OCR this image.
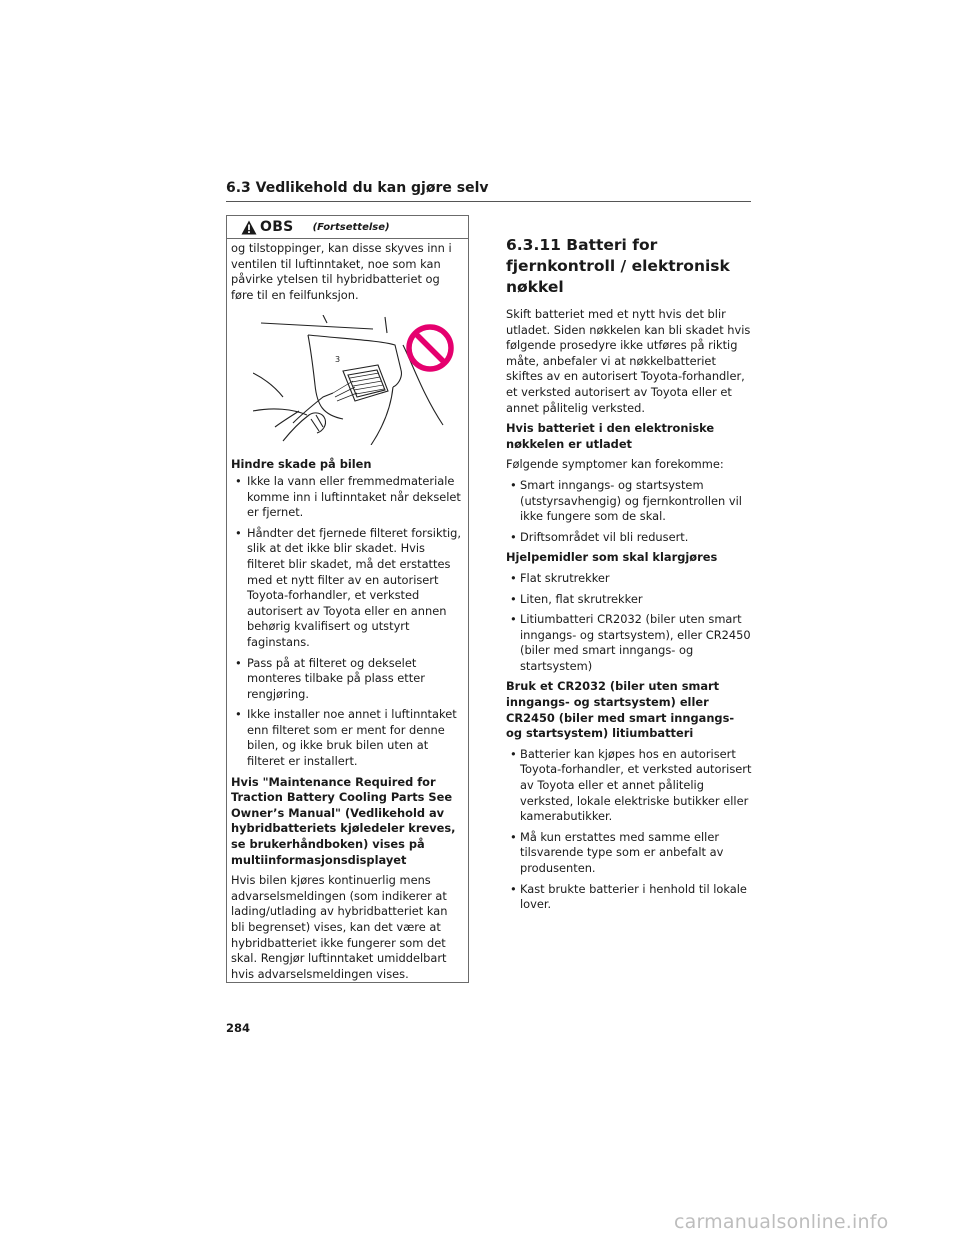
6.3 Vedlikehold du kan gjøre selv
OBS (Fortsettelse)

og tilstoppinger, kan disse skyves inn i ventilen til luftinntaket, noe som kan påvirke ytelsen til hybridbatteriet og føre til en feilfunksjon.

3

Hindre skade på bilen

• Ikke la vann eller fremmedmateriale komme inn i luftinntaket når dekselet er fjernet.
• Håndter det fjernede filteret forsiktig, slik at det ikke blir skadet. Hvis filteret blir skadet, må det erstattes med et nytt filter av en autorisert Toyota-forhandler, et verksted autorisert av Toyota eller en annen behørig kvalifisert og utstyrt faginstans.
• Pass på at filteret og dekselet monteres tilbake på plass etter rengjøring.
• Ikke installer noe annet i luftinntaket enn filteret som er ment for denne bilen, og ikke bruk bilen uten at filteret er installert.

Hvis "Maintenance Required for Traction Battery Cooling Parts See Owner’s Manual" (Vedlikehold av hybridbatteriets kjøledeler kreves, se brukerhåndboken) vises på multiinformasjonsdisplayet

Hvis bilen kjøres kontinuerlig mens advarselsmeldingen (som indikerer at lading/utlading av hybridbatteriet kan bli begrenset) vises, kan det være at hybridbatteriet ikke fungerer som det skal. Rengjør luftinntaket umiddelbart hvis advarselsmeldingen vises.

6.3.11 Batteri for fjernkontroll / elektronisk nøkkel

Skift batteriet med et nytt hvis det blir utladet. Siden nøkkelen kan bli skadet hvis følgende prosedyre ikke utføres på riktig måte, anbefaler vi at nøkkelbatteriet skiftes av en autorisert Toyota-forhandler, et verksted autorisert av Toyota eller et annet pålitelig verksted.

Hvis batteriet i den elektroniske nøkkelen er utladet

Følgende symptomer kan forekomme:

• Smart inngangs- og startsystem (utstyrsavhengig) og fjernkontrollen vil ikke fungere som de skal.
• Driftsområdet vil bli redusert.

Hjelpemidler som skal klargjøres

• Flat skrutrekker
• Liten, flat skrutrekker
• Litiumbatteri CR2032 (biler uten smart inngangs- og startsystem), eller CR2450 (biler med smart inngangs- og startsystem)

Bruk et CR2032 (biler uten smart inngangs- og startsystem) eller CR2450 (biler med smart inngangs- og startsystem) litiumbatteri

• Batterier kan kjøpes hos en autorisert Toyota-forhandler, et verksted autorisert av Toyota eller et annet pålitelig verksted, lokale elektriske butikker eller kamerabutikker.
• Må kun erstattes med samme eller tilsvarende type som er anbefalt av produsenten.
• Kast brukte batterier i henhold til lokale lover.
284
carmanualsonline.info
